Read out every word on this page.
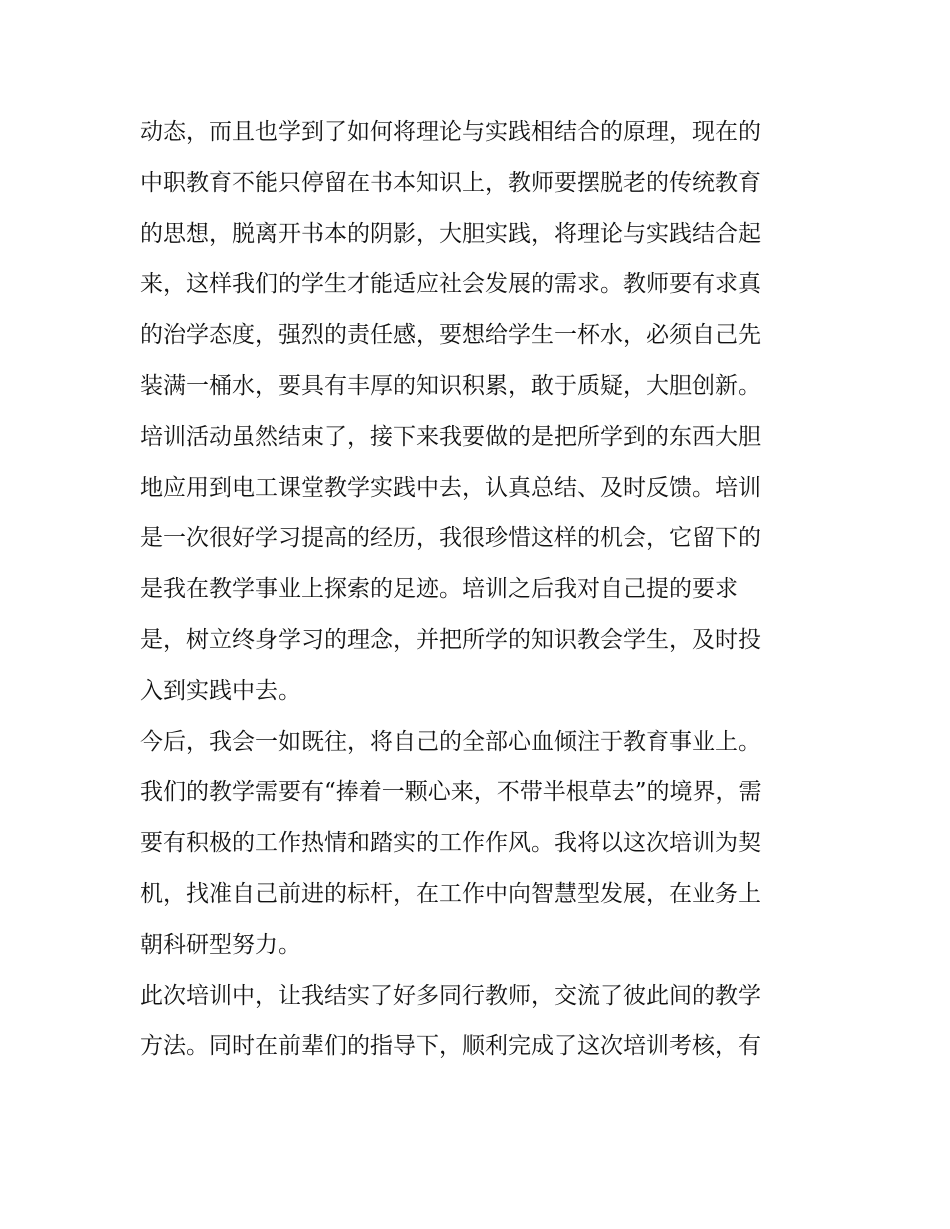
动态，而且也学到了如何将理论与实践相结合的原理，现在的
中职教育不能只停留在书本知识上，教师要摆脱老的传统教育
的思想，脱离开书本的阴影，大胆实践，将理论与实践结合起
来，这样我们的学生才能适应社会发展的需求。教师要有求真
的治学态度，强烈的责任感，要想给学生一杯水，必须自己先
装满一桶水，要具有丰厚的知识积累，敢于质疑，大胆创新。
培训活动虽然结束了，接下来我要做的是把所学到的东西大胆
地应用到电工课堂教学实践中去，认真总结、及时反馈。培训
是一次很好学习提高的经历，我很珍惜这样的机会，它留下的
是我在教学事业上探索的足迹。培训之后我对自己提的要求
是，树立终身学习的理念，并把所学的知识教会学生，及时投
入到实践中去。
今后，我会一如既往，将自己的全部心血倾注于教育事业上。
我们的教学需要有“捧着一颗心来，不带半根草去”的境界，需
要有积极的工作热情和踏实的工作作风。我将以这次培训为契
机，找准自己前进的标杆，在工作中向智慧型发展，在业务上
朝科研型努力。
此次培训中，让我结实了好多同行教师，交流了彼此间的教学
方法。同时在前辈们的指导下，顺利完成了这次培训考核，有
